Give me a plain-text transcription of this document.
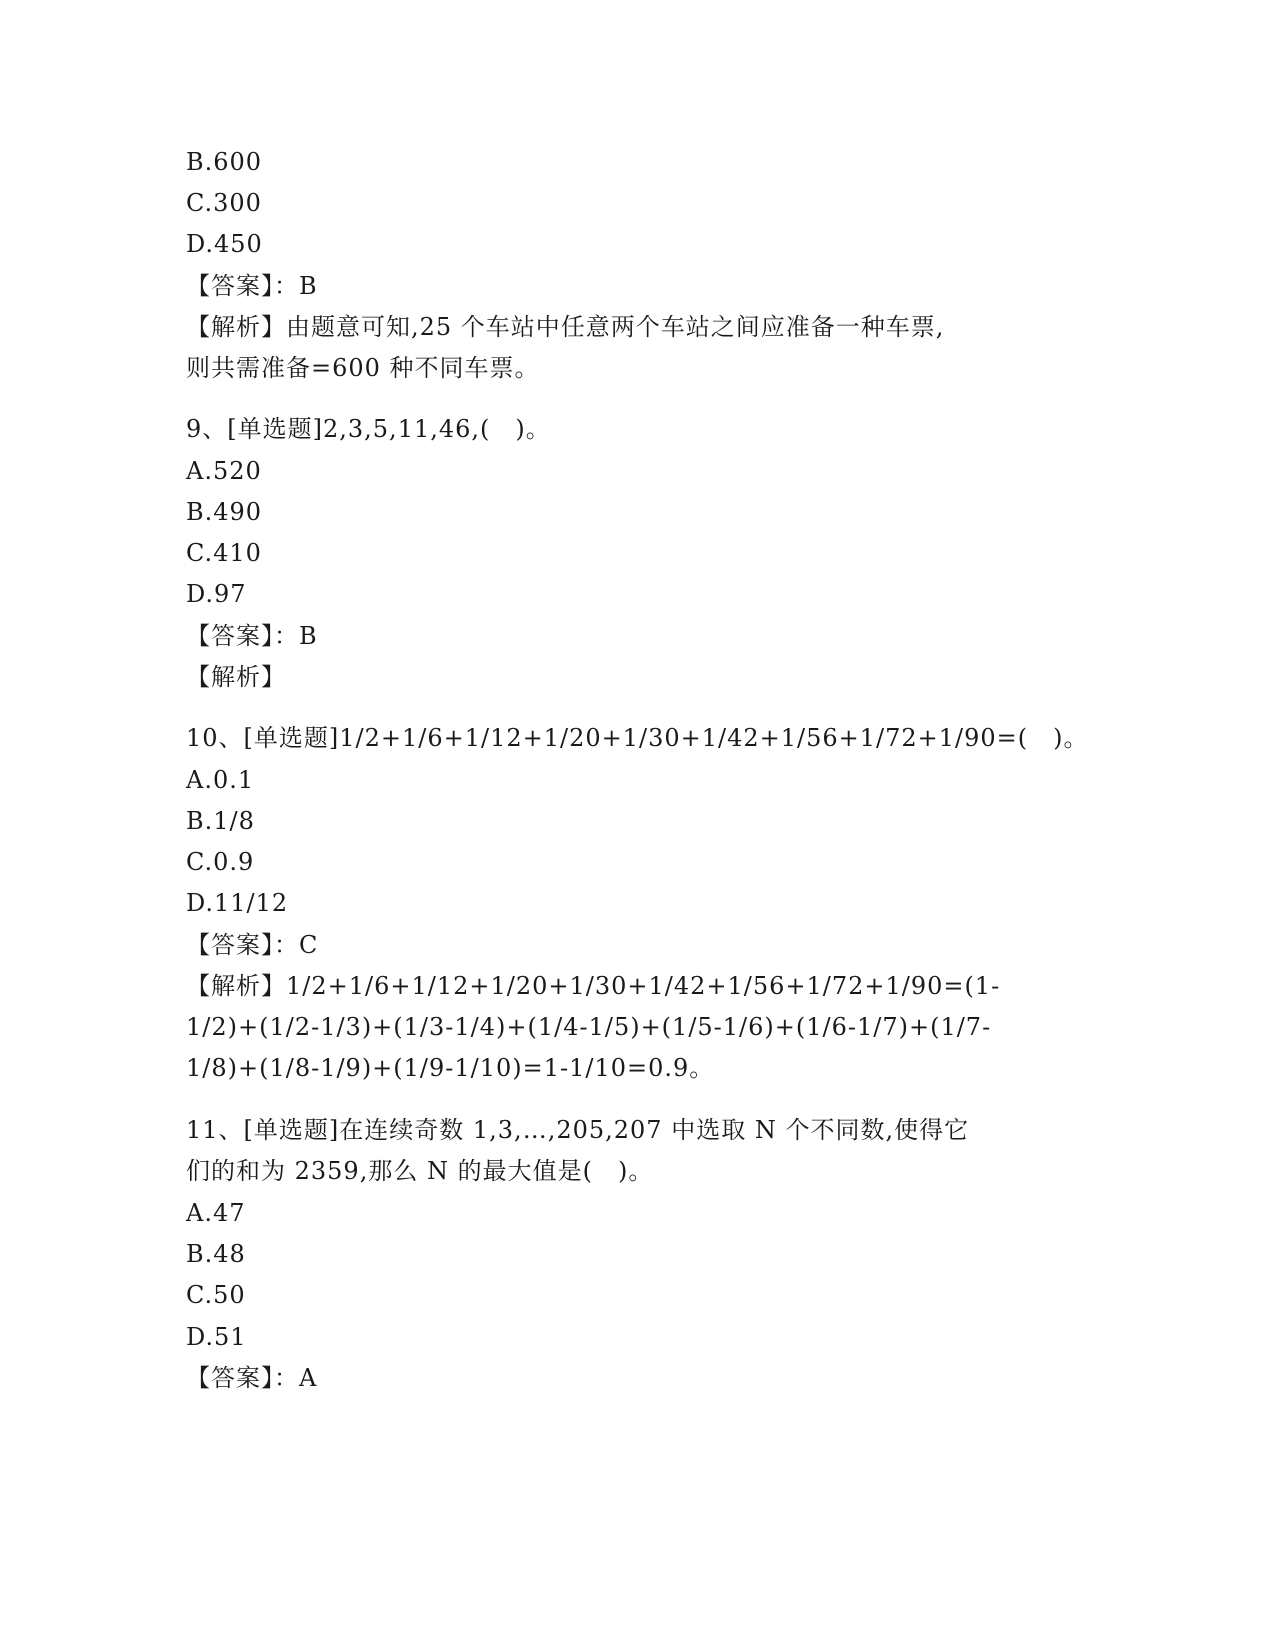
B.600
C.300
D.450
【答案】：B
【解析】由题意可知,25 个车站中任意两个车站之间应准备一种车票,
则共需准备=600 种不同车票。
9、[单选题]2,3,5,11,46,(　)。
A.520
B.490
C.410
D.97
【答案】：B
【解析】
10、[单选题]1/2+1/6+1/12+1/20+1/30+1/42+1/56+1/72+1/90=(　)。
A.0.1
B.1/8
C.0.9
D.11/12
【答案】：C
【解析】1/2+1/6+1/12+1/20+1/30+1/42+1/56+1/72+1/90=(1-
1/2)+(1/2-1/3)+(1/3-1/4)+(1/4-1/5)+(1/5-1/6)+(1/6-1/7)+(1/7-
1/8)+(1/8-1/9)+(1/9-1/10)=1-1/10=0.9。
11、[单选题]在连续奇数 1,3,…,205,207 中选取 N 个不同数,使得它
们的和为 2359,那么 N 的最大值是(　)。
A.47
B.48
C.50
D.51
【答案】：A
